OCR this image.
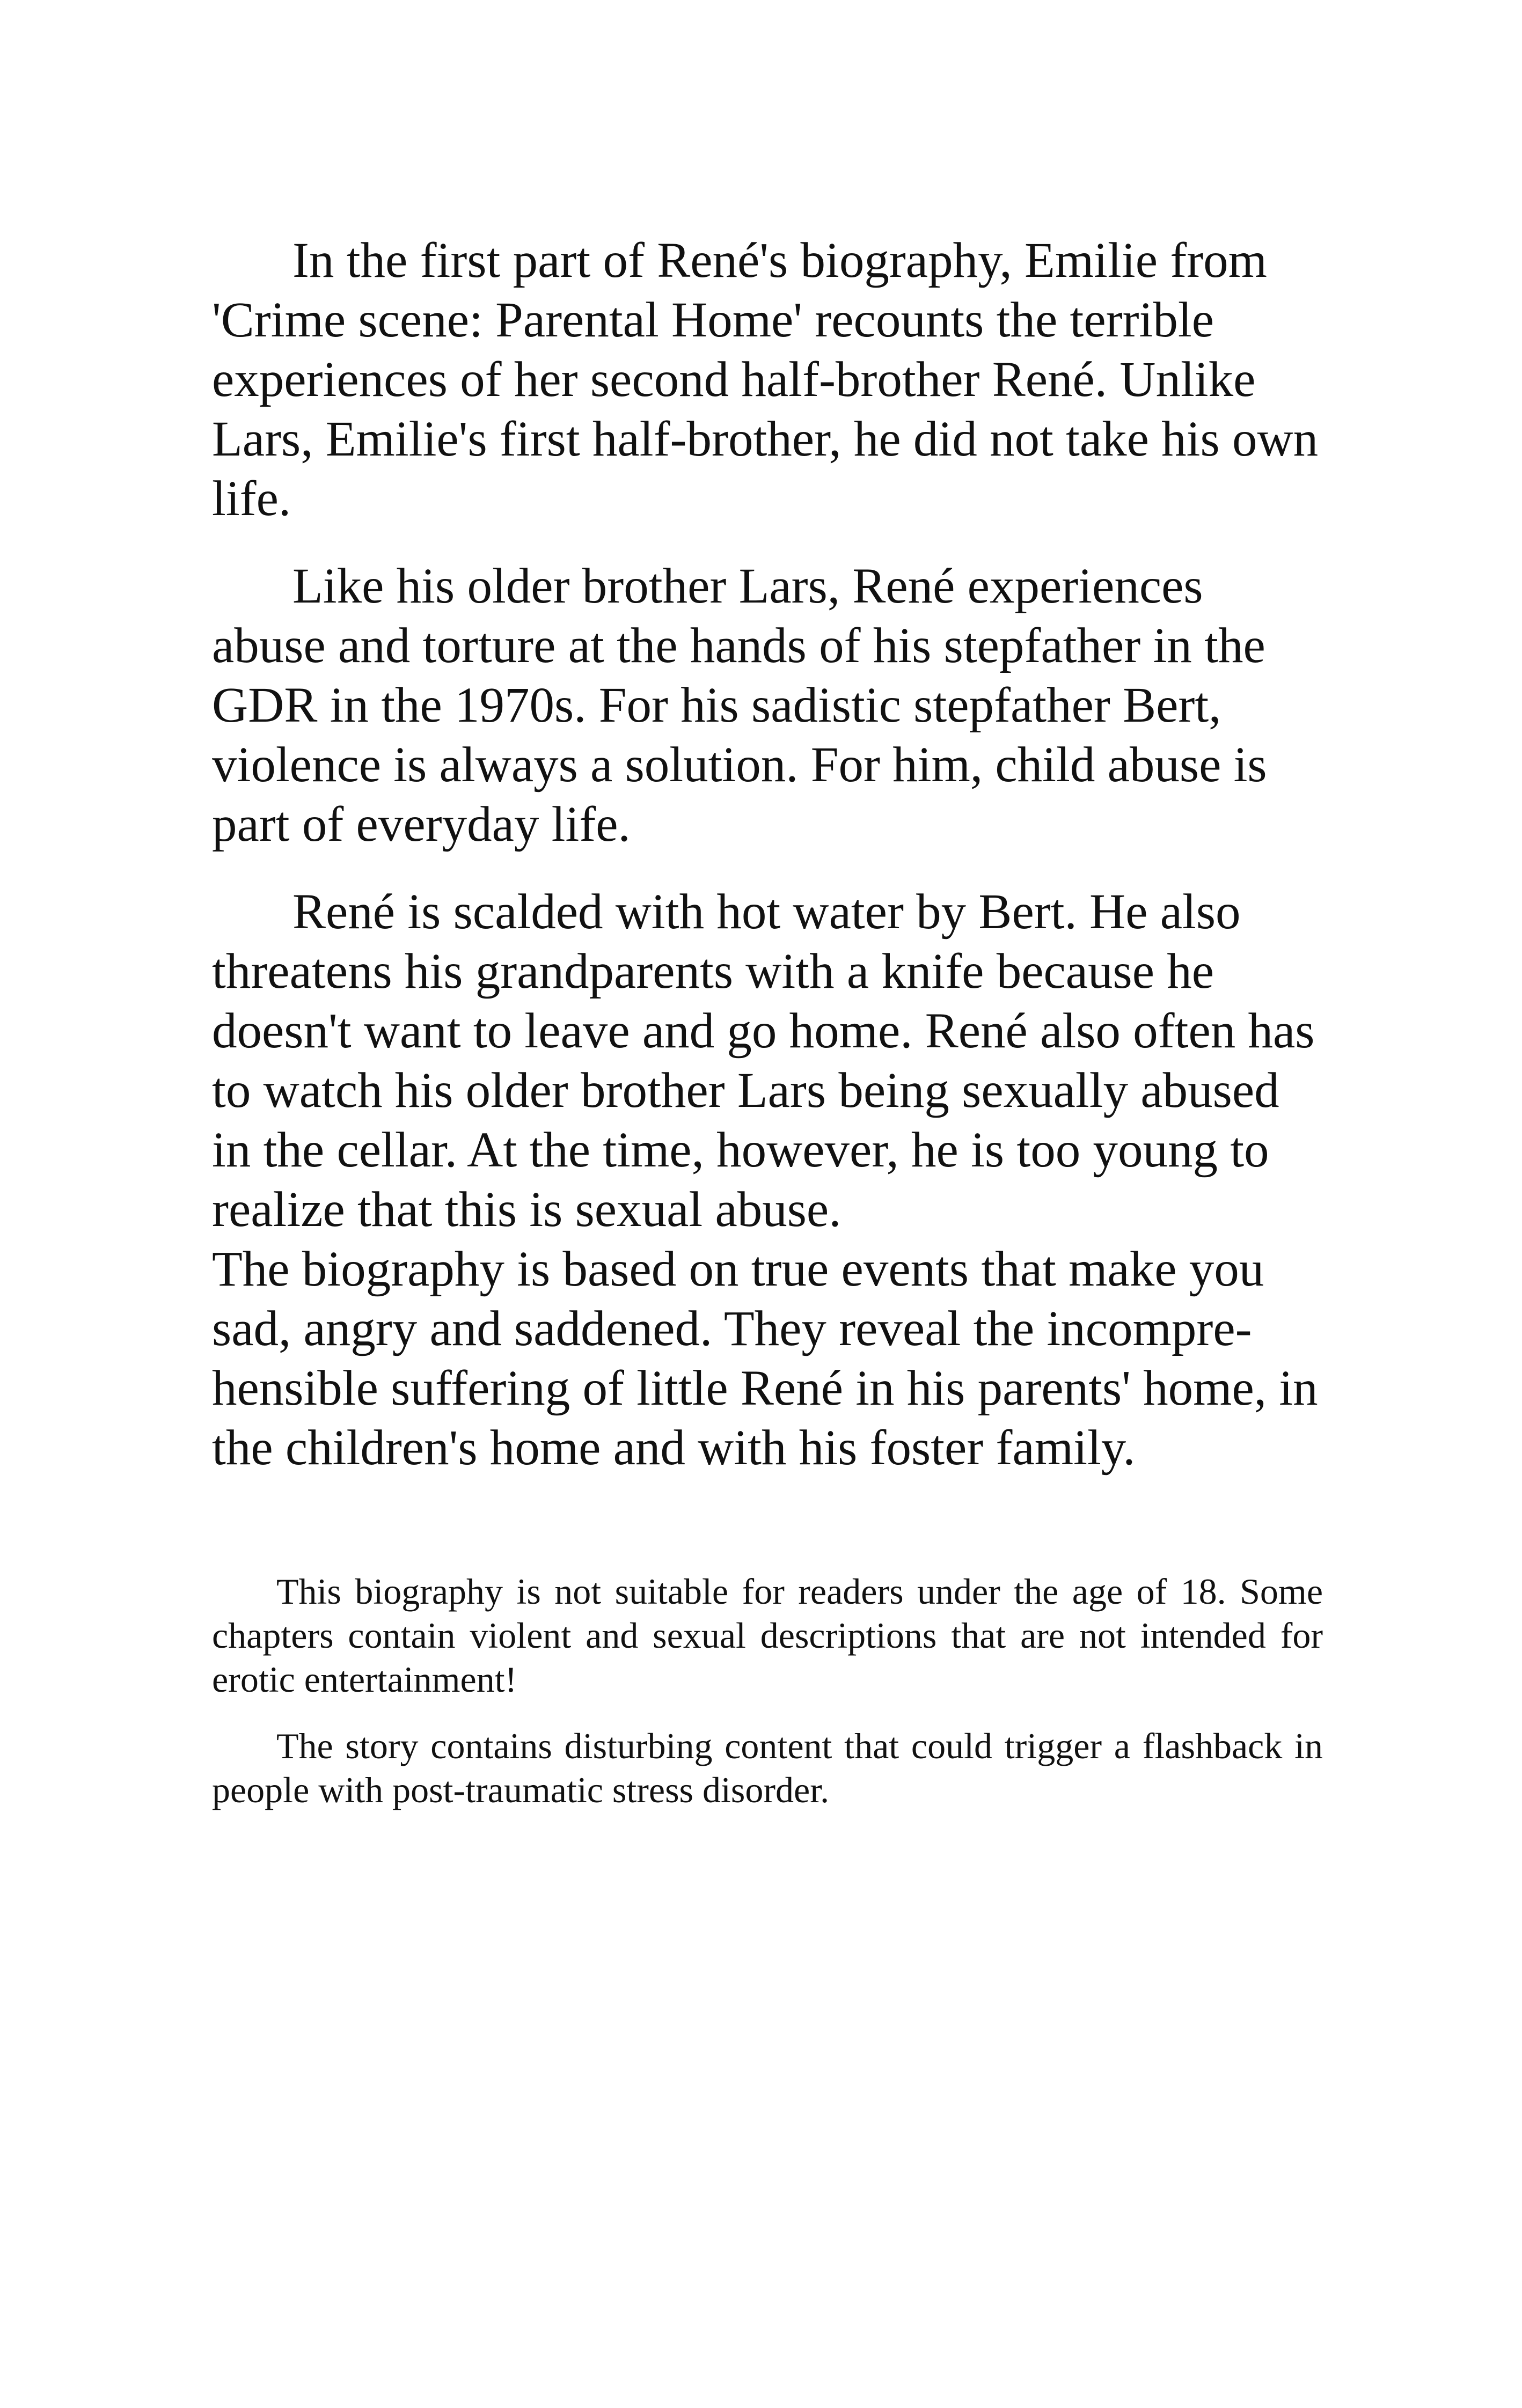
In the first part of René's biography, Emilie from 'Crime scene: Parental Home' recounts the terrible experiences of her second half-brother René. Unlike Lars, Emilie's first half-brother, he did not take his own life.

Like his older brother Lars, René experiences abuse and torture at the hands of his stepfather in the GDR in the 1970s. For his sadistic stepfather Bert, violence is always a solution. For him, child abuse is part of everyday life.

René is scalded with hot water by Bert. He also threatens his grandparents with a knife because he doesn't want to leave and go home. René also often has to watch his older brother Lars being sexually abused in the cellar. At the time, however, he is too young to realize that this is sexual abuse.

The biography is based on true events that make you sad, angry and saddened. They reveal the incompre-hensible suffering of little René in his parents' home, in the children's home and with his foster family.

This biography is not suitable for readers under the age of 18. Some chapters contain violent and sexual descriptions that are not intended for erotic entertainment!

The story contains disturbing content that could trigger a flashback in people with post-traumatic stress disorder.
